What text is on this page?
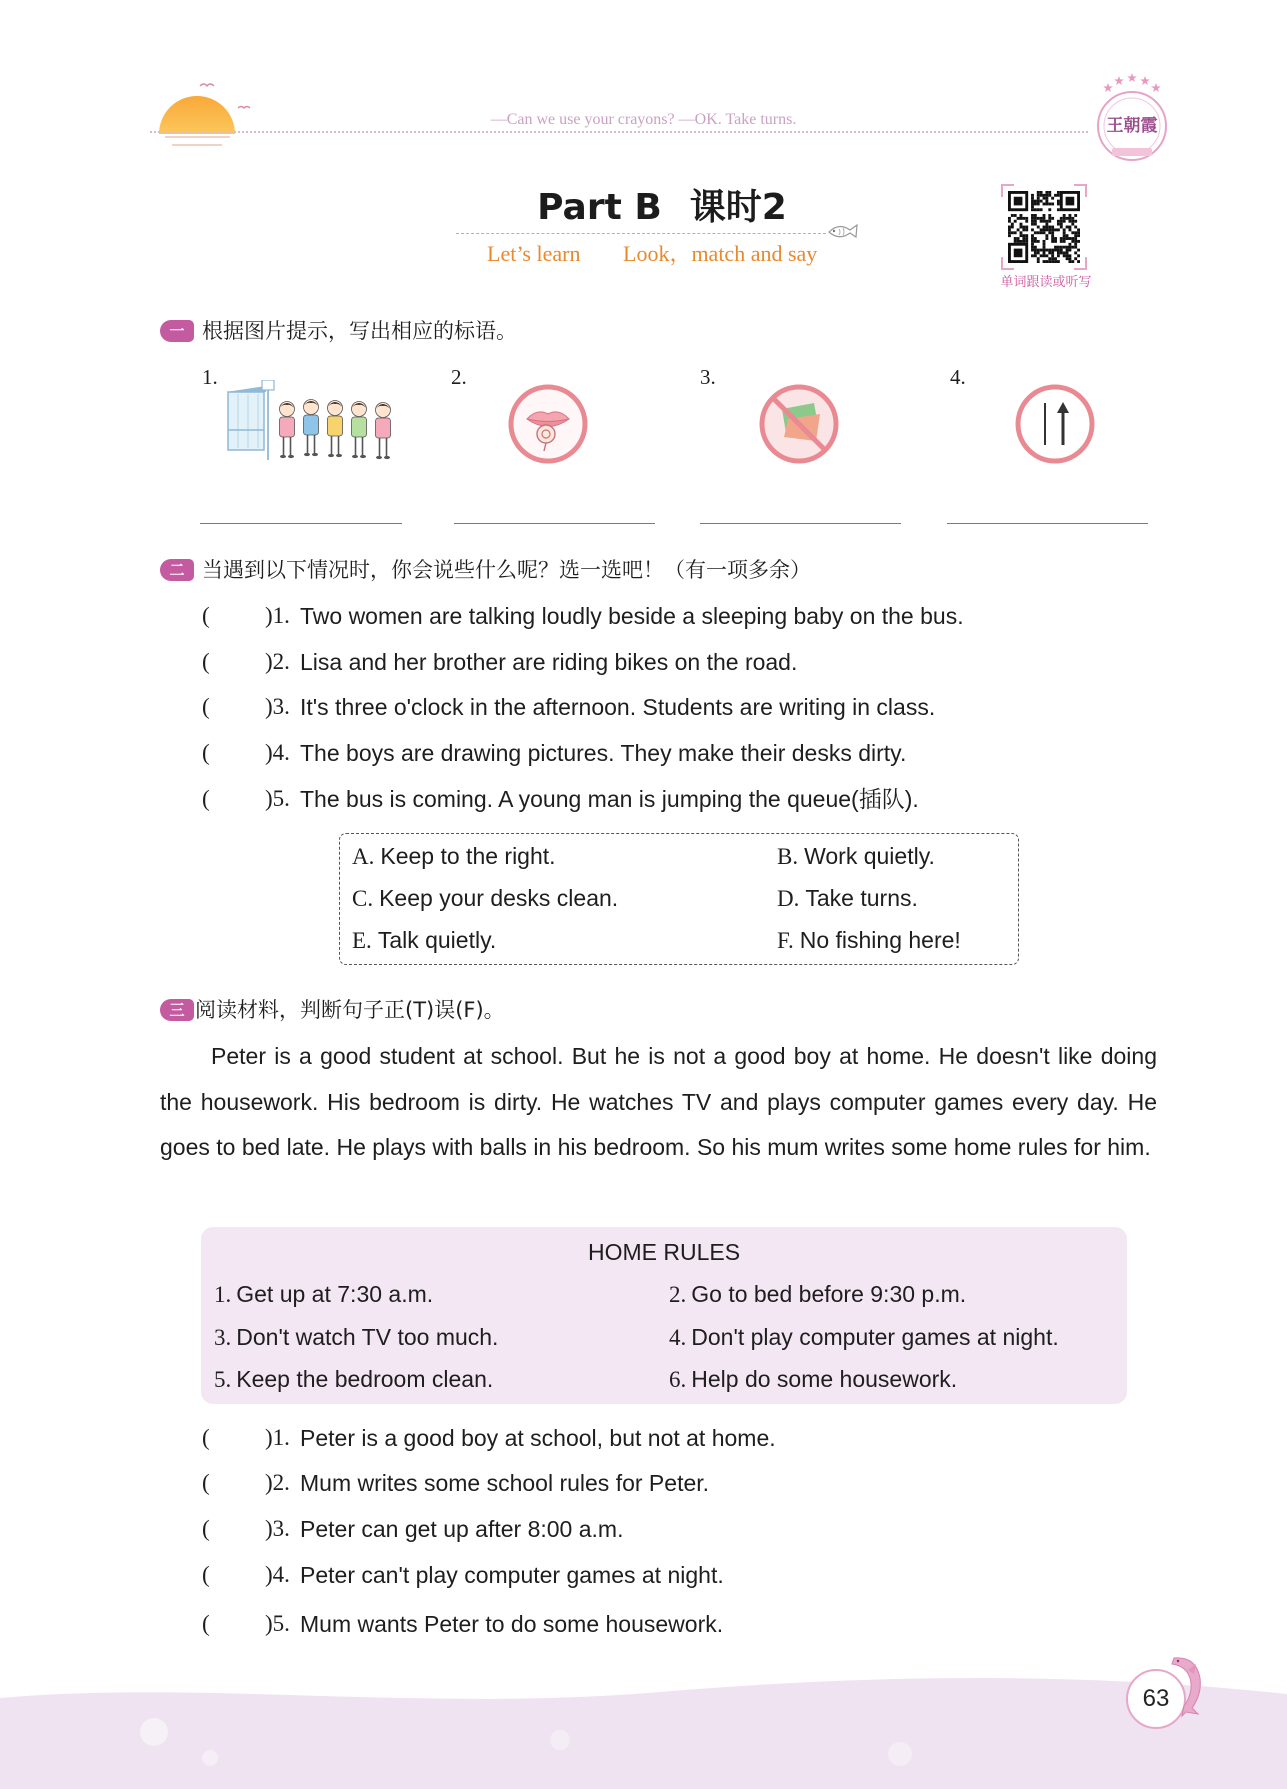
—Can we use your crayons? —OK. Take turns.	王朝霞
Part B 课时2
Let’s learn Look，match and say
单词跟读或听写
一 根据图片提示，写出相应的标语。
1.	2.	3.	4.
二 当遇到以下情况时，你会说些什么呢？选一选吧！（有一项多余）
( )1. Two women are talking loudly beside a sleeping baby on the bus.
( )2. Lisa and her brother are riding bikes on the road.
( )3. It's three o'clock in the afternoon. Students are writing in class.
( )4. The boys are drawing pictures. They make their desks dirty.
( )5. The bus is coming. A young man is jumping the queue(插队).
A. Keep to the right.	B. Work quietly.
C. Keep your desks clean.	D. Take turns.
E. Talk quietly.	F. No fishing here!
三 阅读材料，判断句子正(T)误(F)。
Peter is a good student at school. But he is not a good boy at home. He doesn't like doing the housework. His bedroom is dirty. He watches TV and plays computer games every day. He goes to bed late. He plays with balls in his bedroom. So his mum writes some home rules for him.
HOME RULES
1. Get up at 7:30 a.m.	2. Go to bed before 9:30 p.m.
3. Don't watch TV too much.	4. Don't play computer games at night.
5. Keep the bedroom clean.	6. Help do some housework.
( )1. Peter is a good boy at school, but not at home.
( )2. Mum writes some school rules for Peter.
( )3. Peter can get up after 8:00 a.m.
( )4. Peter can't play computer games at night.
( )5. Mum wants Peter to do some housework.
63
